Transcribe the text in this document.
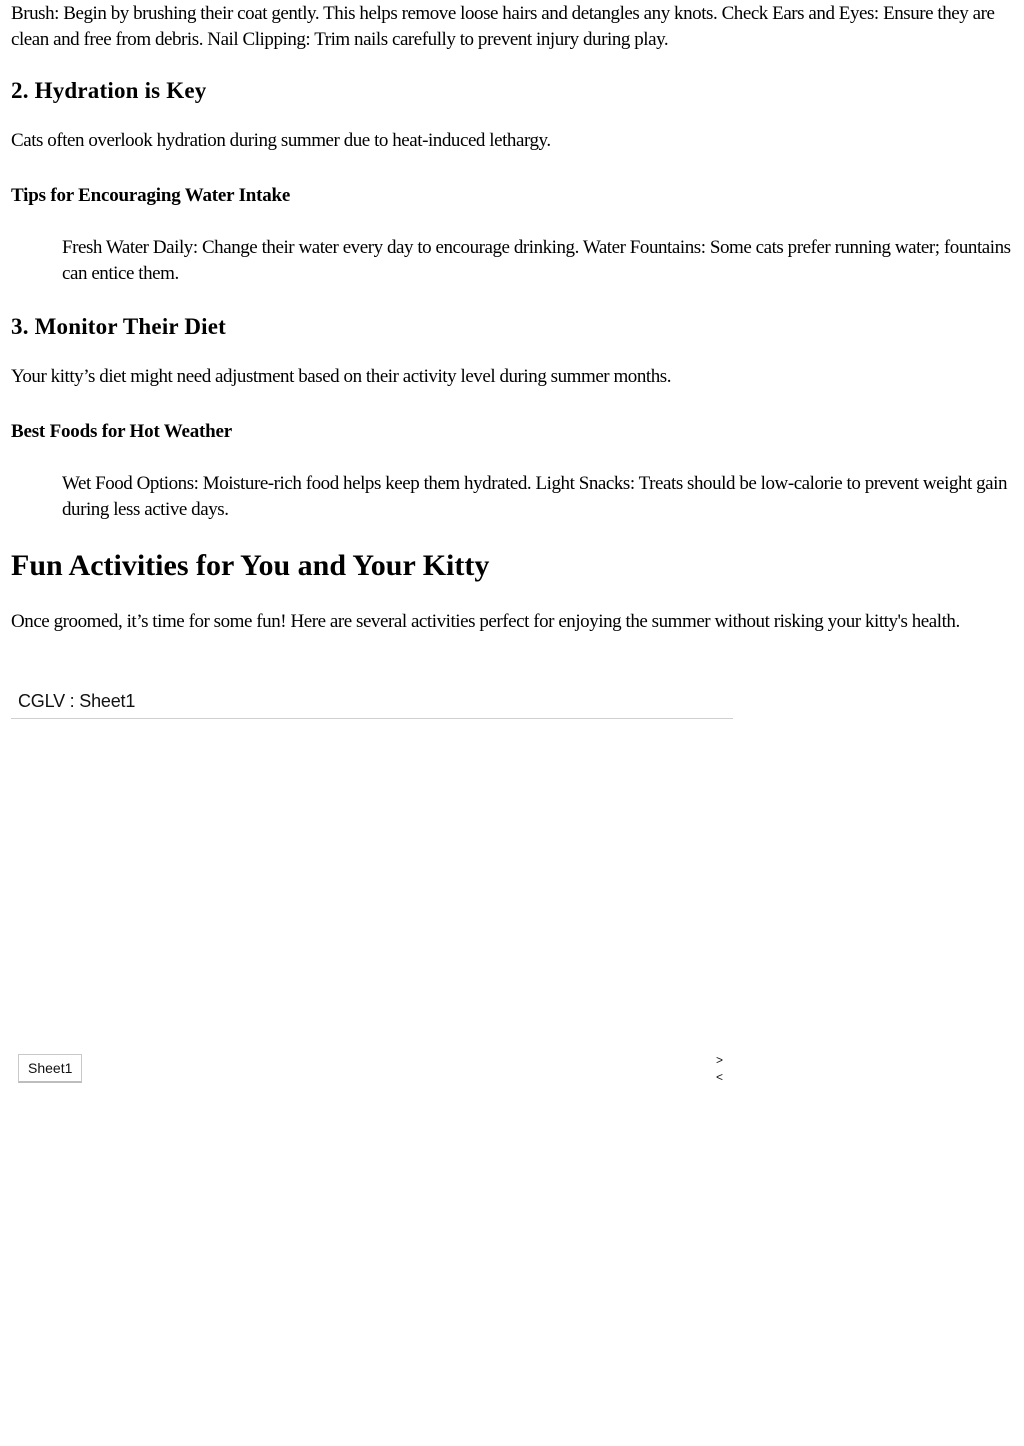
Brush: Begin by brushing their coat gently. This helps remove loose hairs and detangles any knots. Check Ears and Eyes: Ensure they are clean and free from debris. Nail Clipping: Trim nails carefully to prevent injury during play.

2. Hydration is Key

Cats often overlook hydration during summer due to heat-induced lethargy.

Tips for Encouraging Water Intake

Fresh Water Daily: Change their water every day to encourage drinking. Water Fountains: Some cats prefer running water; fountains can entice them.

3. Monitor Their Diet

Your kitty’s diet might need adjustment based on their activity level during summer months.

Best Foods for Hot Weather

Wet Food Options: Moisture-rich food helps keep them hydrated. Light Snacks: Treats should be low-calorie to prevent weight gain during less active days.

Fun Activities for You and Your Kitty

Once groomed, it’s time for some fun! Here are several activities perfect for enjoying the summer without risking your kitty's health.

CGLV : Sheet1
Sheet1	>
<
